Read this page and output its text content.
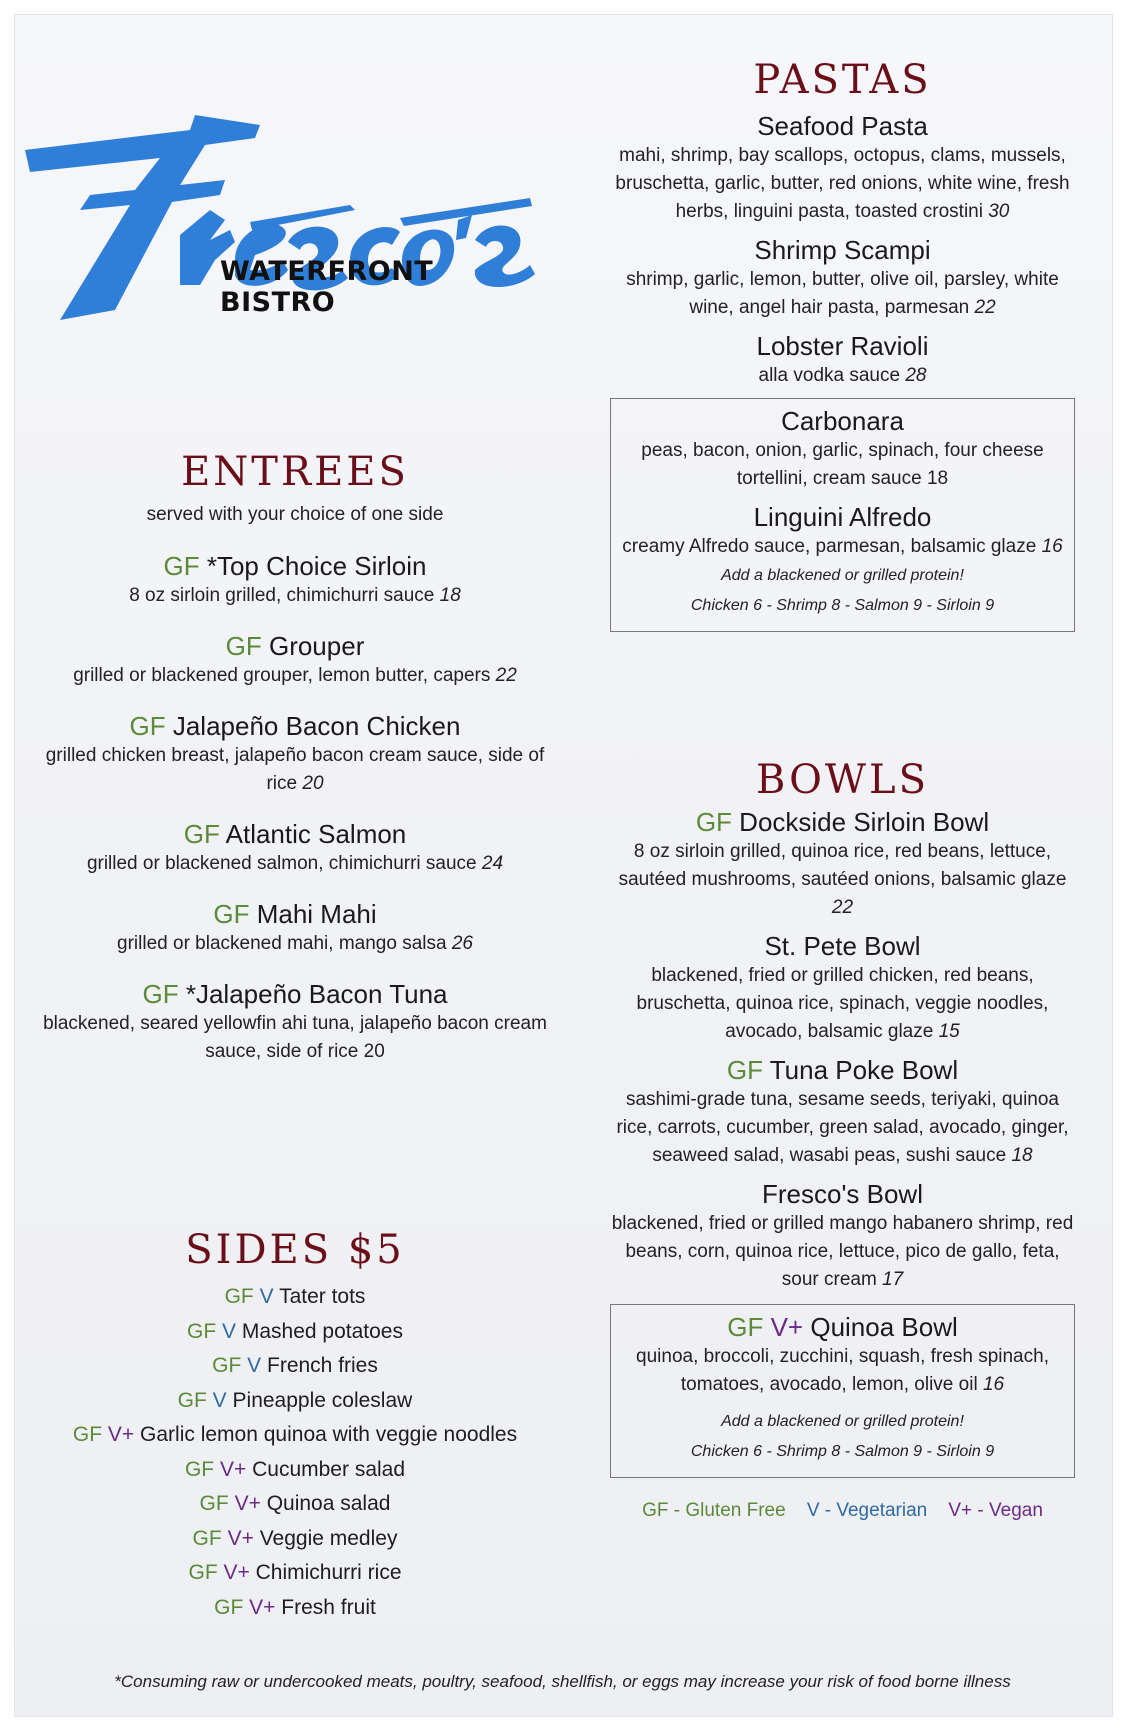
WATERFRONT BISTRO
ENTREES
served with your choice of one side
GF *Top Choice Sirloin
8 oz sirloin grilled, chimichurri sauce 18
GF Grouper
grilled or blackened grouper, lemon butter, capers 22
GF Jalapeño Bacon Chicken
grilled chicken breast, jalapeño bacon cream sauce, side of rice 20
GF Atlantic Salmon
grilled or blackened salmon, chimichurri sauce 24
GF Mahi Mahi
grilled or blackened mahi, mango salsa 26
GF *Jalapeño Bacon Tuna
blackened, seared yellowfin ahi tuna, jalapeño bacon cream sauce, side of rice 20
SIDES $5
GF V Tater tots
GF V Mashed potatoes
GF V French fries
GF V Pineapple coleslaw
GF V+ Garlic lemon quinoa with veggie noodles
GF V+ Cucumber salad
GF V+ Quinoa salad
GF V+ Veggie medley
GF V+ Chimichurri rice
GF V+ Fresh fruit
PASTAS
Seafood Pasta
mahi, shrimp, bay scallops, octopus, clams, mussels, bruschetta, garlic, butter, red onions, white wine, fresh herbs, linguini pasta, toasted crostini 30
Shrimp Scampi
shrimp, garlic, lemon, butter, olive oil, parsley, white wine, angel hair pasta, parmesan 22
Lobster Ravioli
alla vodka sauce 28
Carbonara
peas, bacon, onion, garlic, spinach, four cheese tortellini, cream sauce 18
Linguini Alfredo
creamy Alfredo sauce, parmesan, balsamic glaze 16
Add a blackened or grilled protein!
Chicken 6 - Shrimp 8 - Salmon 9 - Sirloin 9
BOWLS
GF Dockside Sirloin Bowl
8 oz sirloin grilled, quinoa rice, red beans, lettuce, sautéed mushrooms, sautéed onions, balsamic glaze 22
St. Pete Bowl
blackened, fried or grilled chicken, red beans, bruschetta, quinoa rice, spinach, veggie noodles, avocado, balsamic glaze 15
GF Tuna Poke Bowl
sashimi-grade tuna, sesame seeds, teriyaki, quinoa rice, carrots, cucumber, green salad, avocado, ginger, seaweed salad, wasabi peas, sushi sauce 18
Fresco's Bowl
blackened, fried or grilled mango habanero shrimp, red beans, corn, quinoa rice, lettuce, pico de gallo, feta, sour cream 17
GF V+ Quinoa Bowl
quinoa, broccoli, zucchini, squash, fresh spinach, tomatoes, avocado, lemon, olive oil 16
Add a blackened or grilled protein!
Chicken 6 - Shrimp 8 - Salmon 9 - Sirloin 9
GF - Gluten Free V - Vegetarian V+ - Vegan
*Consuming raw or undercooked meats, poultry, seafood, shellfish, or eggs may increase your risk of food borne illness
